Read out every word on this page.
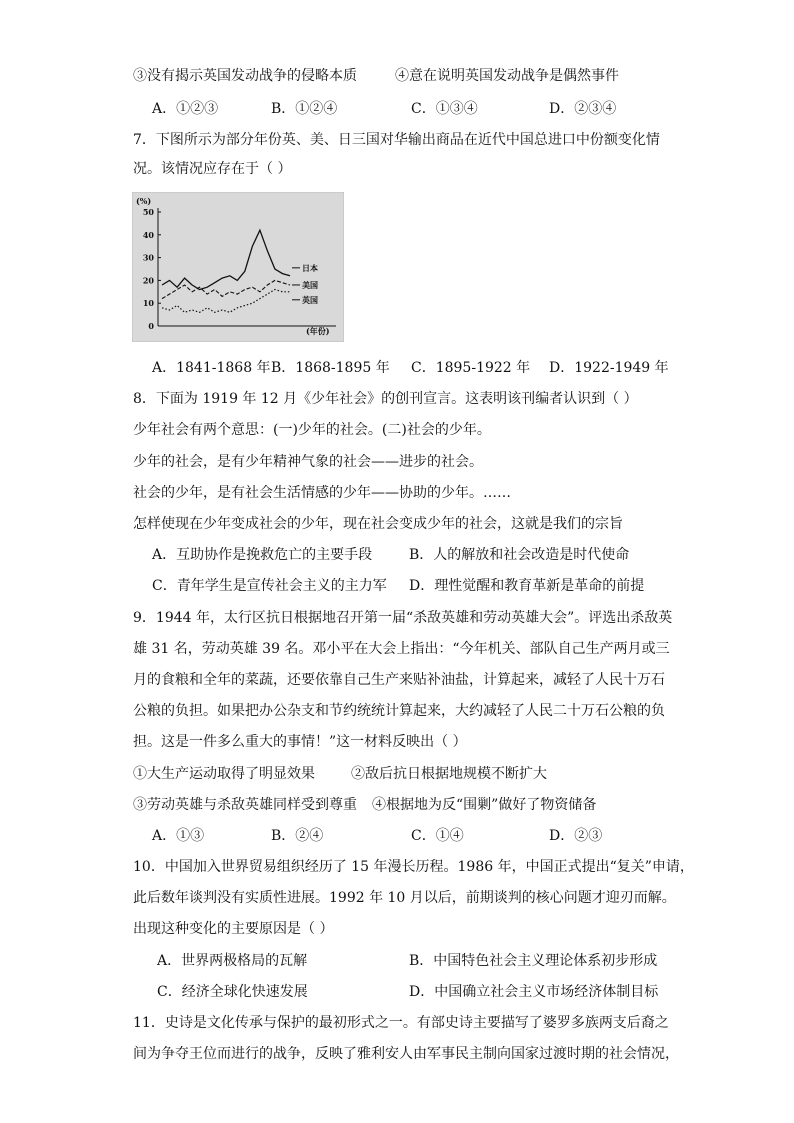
③没有揭示英国发动战争的侵略本质	④意在说明英国发动战争是偶然事件
A．①②③	B．①②④	C．①③④	D．②③④
7．下图所示为部分年份英、美、日三国对华输出商品在近代中国总进口中份额变化情
况。该情况应存在于（ ）
(%)
50
40
30
20
10
0
日本
美国
英国
(年份)
A．1841-1868 年 B．1868-1895 年 C．1895-1922 年 D．1922-1949 年
8．下面为 1919 年 12 月《少年社会》的创刊宣言。这表明该刊编者认识到（ ）
少年社会有两个意思：(一)少年的社会。(二)社会的少年。
少年的社会，是有少年精神气象的社会——进步的社会。
社会的少年，是有社会生活情感的少年——协助的少年。……
怎样使现在少年变成社会的少年，现在社会变成少年的社会，这就是我们的宗旨
A．互助协作是挽救危亡的主要手段	B．人的解放和社会改造是时代使命
C．青年学生是宣传社会主义的主力军 D．理性觉醒和教育革新是革命的前提
9．1944 年，太行区抗日根据地召开第一届“杀敌英雄和劳动英雄大会”。评选出杀敌英
雄 31 名，劳动英雄 39 名。邓小平在大会上指出：“今年机关、部队自己生产两月或三
月的食粮和全年的菜蔬，还要依靠自己生产来贴补油盐，计算起来，减轻了人民十万石
公粮的负担。如果把办公杂支和节约统统计算起来，大约减轻了人民二十万石公粮的负
担。这是一件多么重大的事情！”这一材料反映出（ ）
①大生产运动取得了明显效果	②敌后抗日根据地规模不断扩大
③劳动英雄与杀敌英雄同样受到尊重 ④根据地为反“围剿”做好了物资储备
A．①③	B．②④	C．①④	D．②③
10．中国加入世界贸易组织经历了 15 年漫长历程。1986 年，中国正式提出“复关”申请，
此后数年谈判没有实质性进展。1992 年 10 月以后，前期谈判的核心问题才迎刃而解。
出现这种变化的主要原因是（ ）
A．世界两极格局的瓦解	B．中国特色社会主义理论体系初步形成
C．经济全球化快速发展	D．中国确立社会主义市场经济体制目标
11．史诗是文化传承与保护的最初形式之一。有部史诗主要描写了婆罗多族两支后裔之
间为争夺王位而进行的战争，反映了雅利安人由军事民主制向国家过渡时期的社会情况，
